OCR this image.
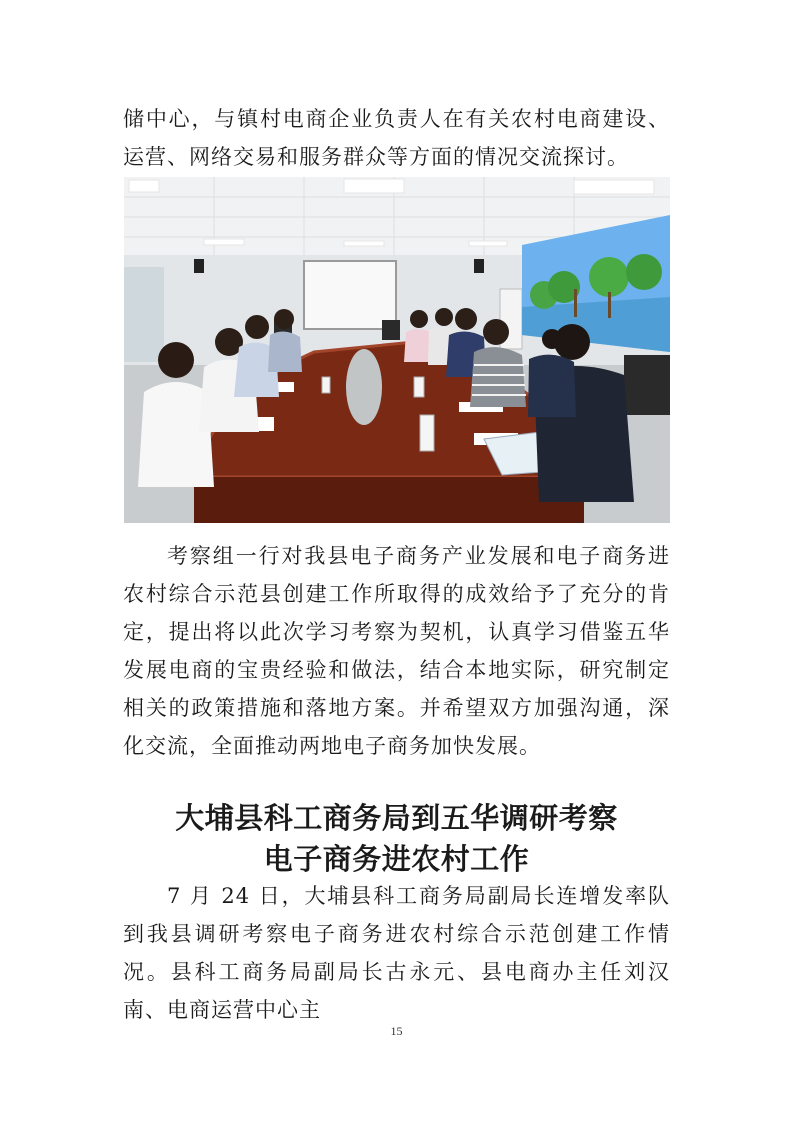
储中心，与镇村电商企业负责人在有关农村电商建设、运营、网络交易和服务群众等方面的情况交流探讨。

考察组一行对我县电子商务产业发展和电子商务进农村综合示范县创建工作所取得的成效给予了充分的肯定，提出将以此次学习考察为契机，认真学习借鉴五华发展电商的宝贵经验和做法，结合本地实际，研究制定相关的政策措施和落地方案。并希望双方加强沟通，深化交流，全面推动两地电子商务加快发展。

大埔县科工商务局到五华调研考察
电子商务进农村工作

7 月 24 日，大埔县科工商务局副局长连增发率队到我县调研考察电子商务进农村综合示范创建工作情况。县科工商务局副局长古永元、县电商办主任刘汉南、电商运营中心主

15
